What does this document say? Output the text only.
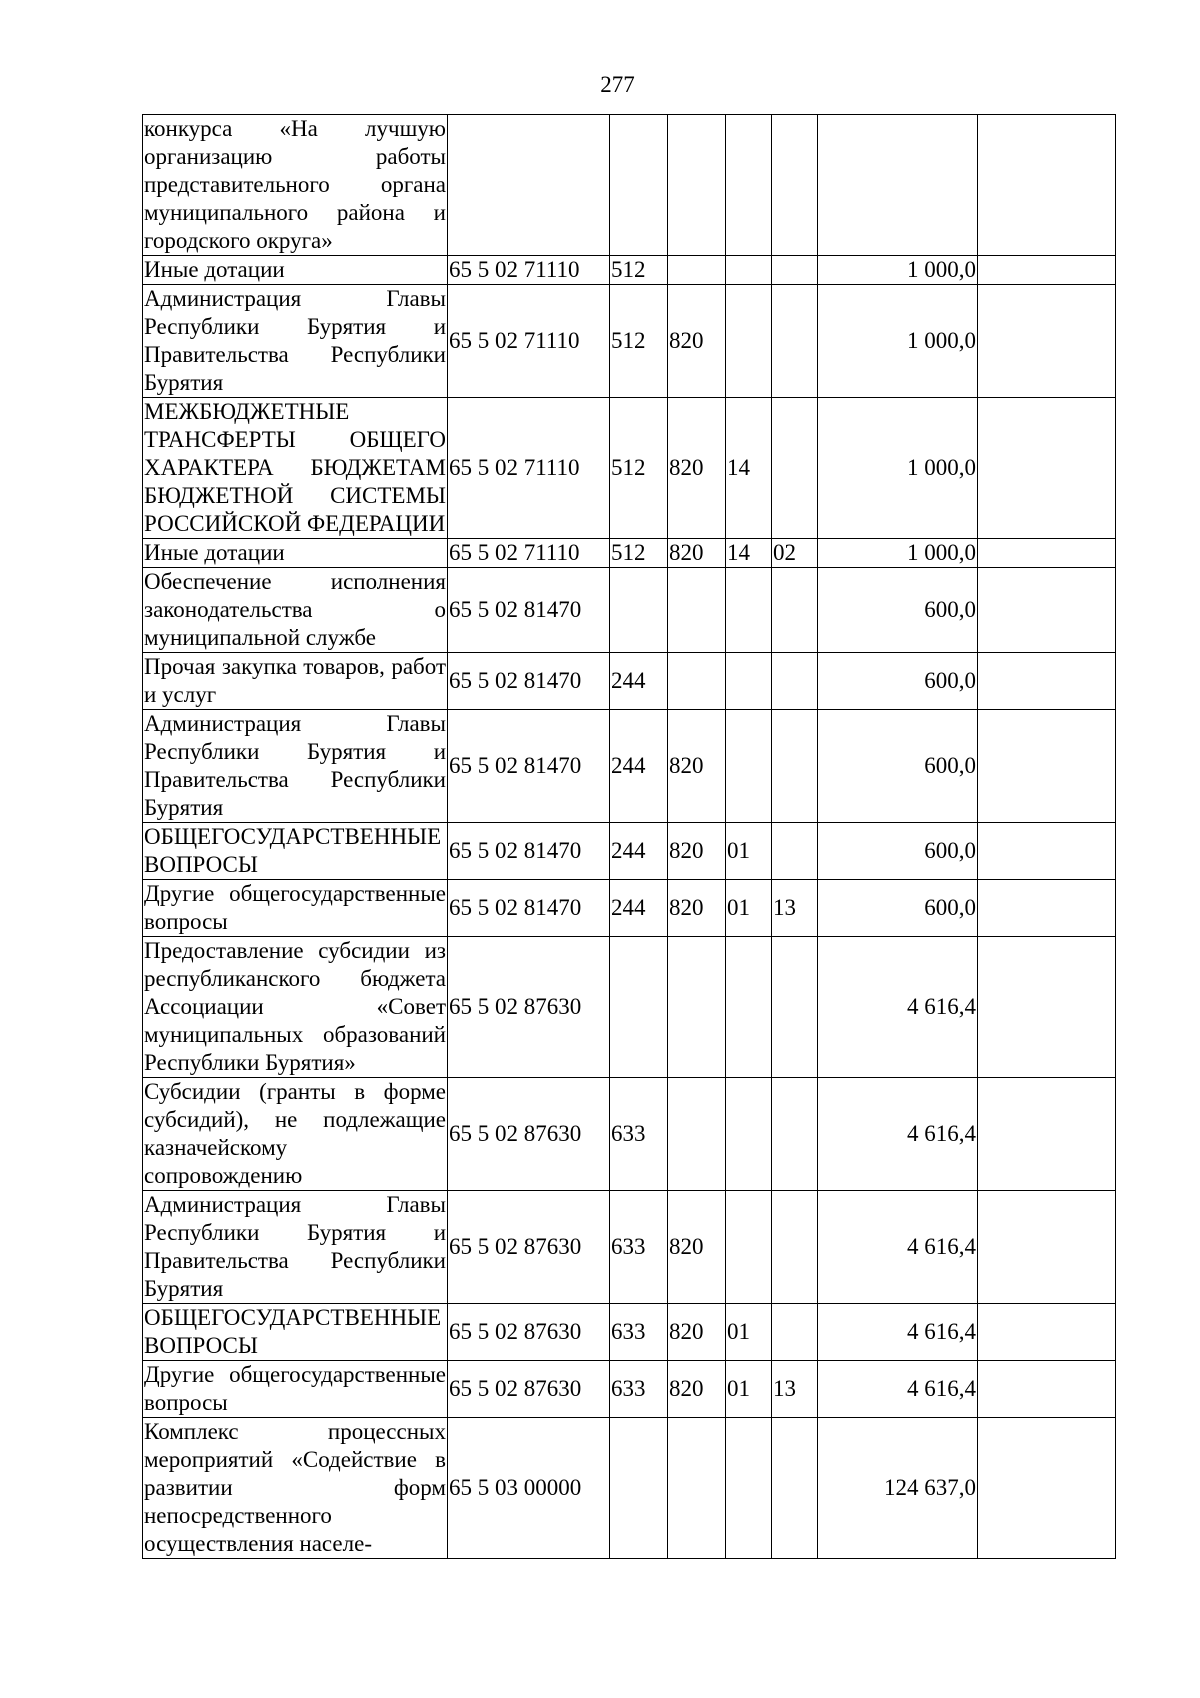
277
конкурса «На лучшую организацию работы представительного органа муниципального района и городского округа»							
Иные дотации	65 5 02 71110	512				1 000,0	
Администрация Главы Республики Бурятия и Правительства Республики Бурятия	65 5 02 71110	512	820			1 000,0	
МЕЖБЮДЖЕТНЫЕ ТРАНСФЕРТЫ ОБЩЕГО ХАРАКТЕРА БЮДЖЕТАМ БЮДЖЕТНОЙ СИСТЕМЫ РОССИЙСКОЙ ФЕДЕРАЦИИ	65 5 02 71110	512	820	14		1 000,0	
Иные дотации	65 5 02 71110	512	820	14	02	1 000,0	
Обеспечение исполнения законодательства о муниципальной службе	65 5 02 81470					600,0	
Прочая закупка товаров, работ и услуг	65 5 02 81470	244				600,0	
Администрация Главы Республики Бурятия и Правительства Республики Бурятия	65 5 02 81470	244	820			600,0	
ОБЩЕГОСУДАРСТВЕННЫЕ ВОПРОСЫ	65 5 02 81470	244	820	01		600,0	
Другие общегосударственные вопросы	65 5 02 81470	244	820	01	13	600,0	
Предоставление субсидии из республиканского бюджета Ассоциации «Совет муниципальных образований Республики Бурятия»	65 5 02 87630					4 616,4	
Субсидии (гранты в форме субсидий), не подлежащие казначейскому сопровождению	65 5 02 87630	633				4 616,4	
Администрация Главы Республики Бурятия и Правительства Республики Бурятия	65 5 02 87630	633	820			4 616,4	
ОБЩЕГОСУДАРСТВЕННЫЕ ВОПРОСЫ	65 5 02 87630	633	820	01		4 616,4	
Другие общегосударственные вопросы	65 5 02 87630	633	820	01	13	4 616,4	
Комплекс процессных мероприятий «Содействие в развитии форм непосредственного осуществления населе-	65 5 03 00000					124 637,0	
